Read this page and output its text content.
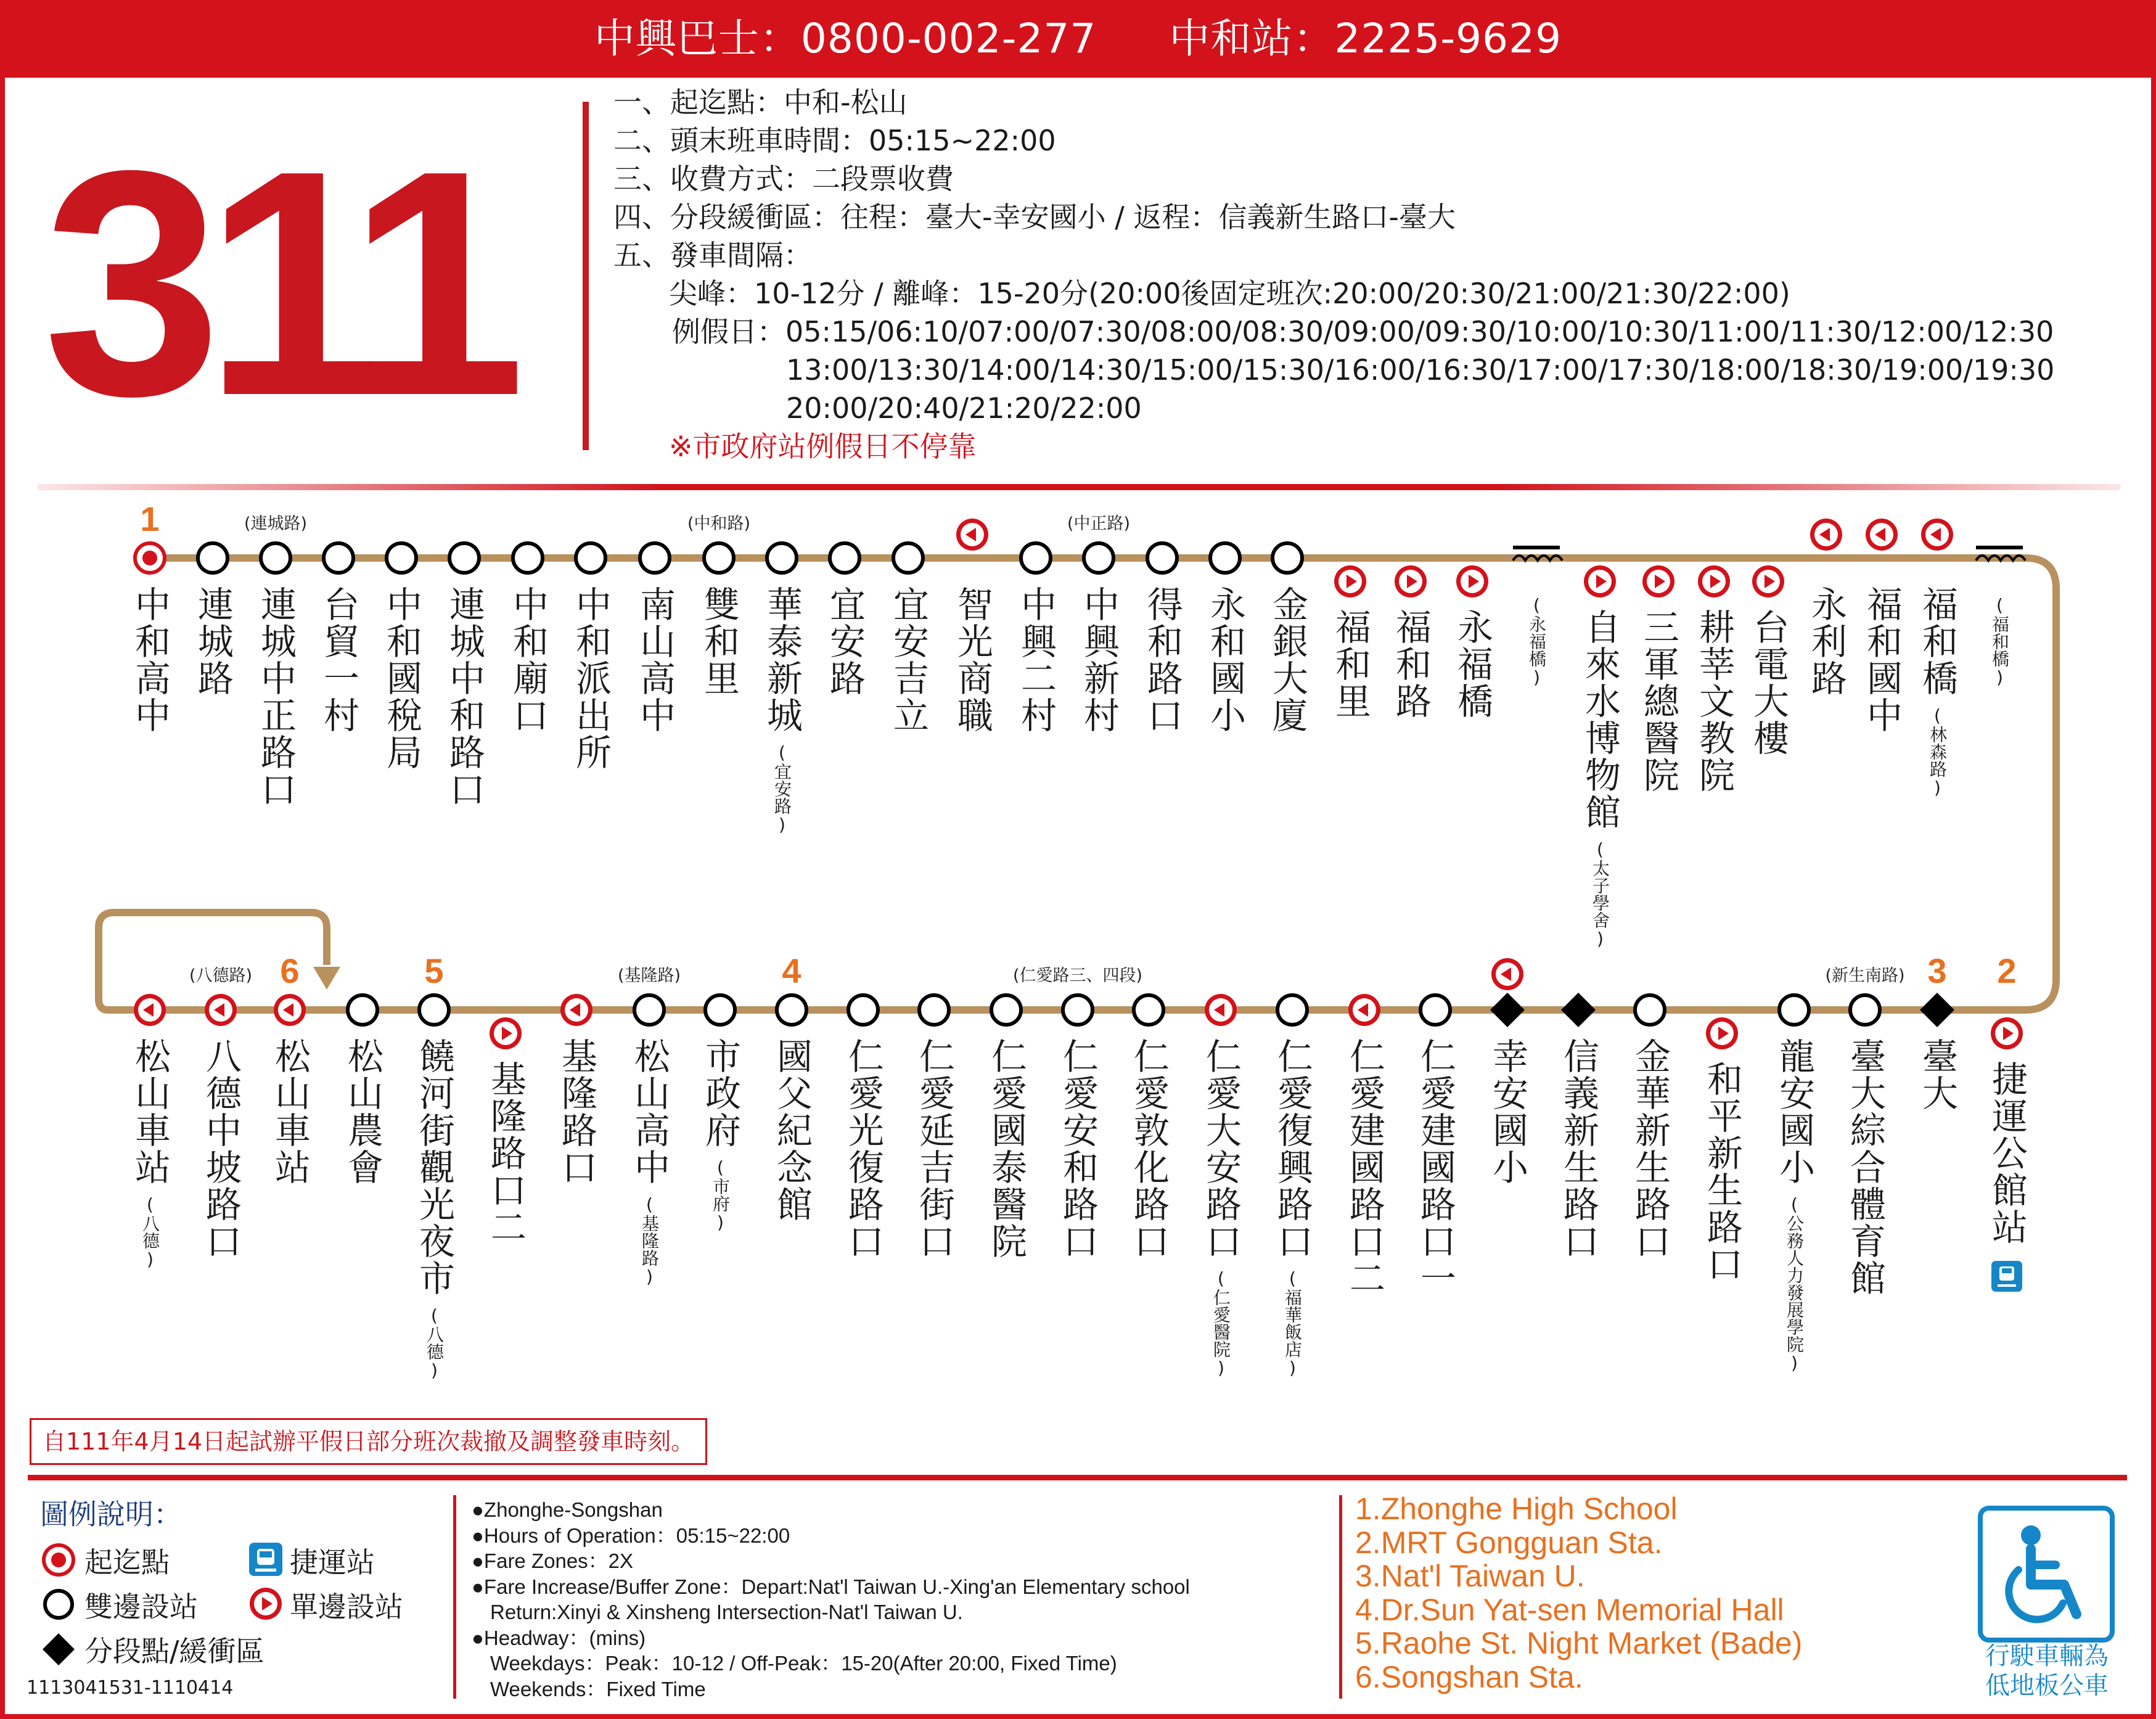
中興巴士：0800-002-277 中和站：2225-9629
311
一、起迄點：中和-松山
二、頭末班車時間：05:15~22:00
三、收費方式：二段票收費
四、分段緩衝區：往程：臺大-幸安國小 / 返程：信義新生路口-臺大
五、發車間隔：
尖峰：10-12分 / 離峰：15-20分(20:00後固定班次:20:00/20:30/21:00/21:30/22:00)
例假日：05:15/06:10/07:00/07:30/08:00/08:30/09:00/09:30/10:00/10:30/11:00/11:30/12:00/12:30
13:00/13:30/14:00/14:30/15:00/15:30/16:00/16:30/17:00/17:30/18:00/18:30/19:00/19:30
20:00/20:40/21:20/22:00
※市政府站例假日不停靠
1
中和高中 連城路
(連城路)
連城中正路口 台貿一村 中和國稅局 連城中和路口 中和廟口 中和派出所 南山高中
(中和路)
雙和里 華泰新城(宜安路)
宜安路 宜安吉立 智光商職 中興二村
(中正路)
中興新村 得和路口 永和國小 金銀大廈 福和里 福和路 永福橋 (永福橋) 自來水博物館(太子學舍)
三軍總醫院 耕莘文教院 台電大樓 永利路 福和國中 福和橋(林森路)
(福和橋)
松山車站(八德)
(八德路)
八德中坡路口
6
松山車站 松山農會
5
饒河街觀光夜市(八德)
基隆路口二 基隆路口
(基隆路)
松山高中(基隆路)
市政府(市府)
4
國父紀念館 仁愛光復路口 仁愛延吉街口 仁愛國泰醫院
(仁愛路三、四段)
仁愛安和路口 仁愛敦化路口 仁愛大安路口(仁愛醫院)
仁愛復興路口(福華飯店)
仁愛建國路口二 仁愛建國路口一 幸安國小 信義新生路口 金華新生路口 和平新生路口 龍安國小(公務人力發展學院)
(新生南路)
臺大綜合體育館
3
臺大
2
捷運公館站
自111年4月14日起試辦平假日部分班次裁撤及調整發車時刻。
圖例說明：
起迄點	捷運站
雙邊設站	單邊設站
分段點/緩衝區
1113041531-1110414
●Zhonghe-Songshan
●Hours of Operation：05:15~22:00
●Fare Zones：2X
●Fare Increase/Buffer Zone：Depart:Nat'l Taiwan U.-Xing'an Elementary school
Return:Xinyi & Xinsheng Intersection-Nat'l Taiwan U.
●Headway：(mins)
Weekdays：Peak：10-12 / Off-Peak：15-20(After 20:00, Fixed Time)
Weekends：Fixed Time
1.Zhonghe High School
2.MRT Gongguan Sta.
3.Nat'l Taiwan U.
4.Dr.Sun Yat-sen Memorial Hall
5.Raohe St. Night Market (Bade)
6.Songshan Sta.
行駛車輛為
低地板公車
